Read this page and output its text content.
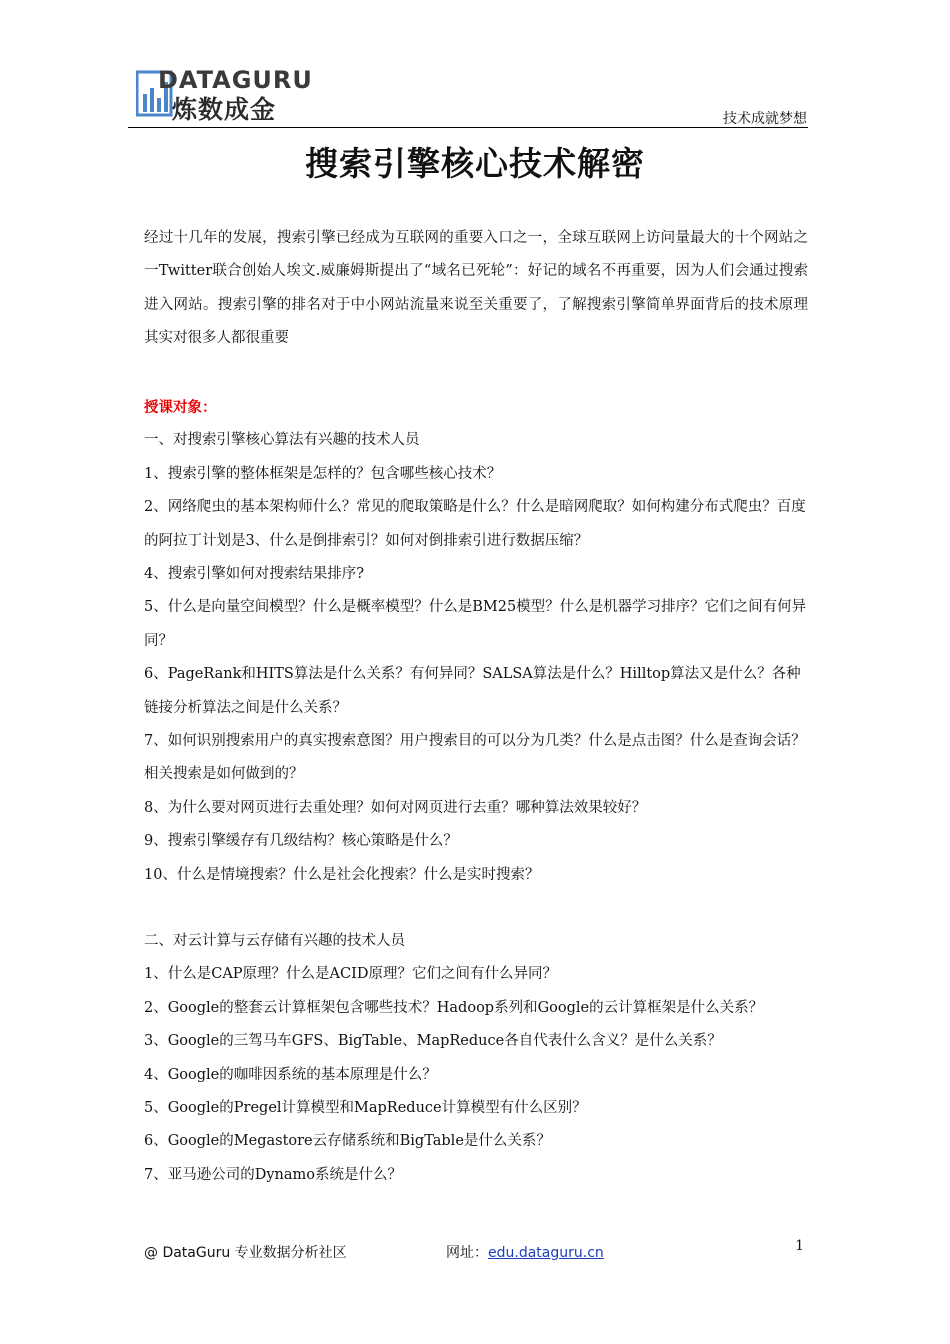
DATAGURU
炼数成金	技术成就梦想
搜索引擎核心技术解密
经过十几年的发展，搜索引擎已经成为互联网的重要入口之一，全球互联网上访问量最大的十个网站之一Twitter联合创始人埃文.威廉姆斯提出了“域名已死轮”：好记的域名不再重要，因为人们会通过搜索进入网站。搜索引擎的排名对于中小网站流量来说至关重要了，了解搜索引擎简单界面背后的技术原理其实对很多人都很重要

授课对象：

一、对搜索引擎核心算法有兴趣的技术人员

1、搜索引擎的整体框架是怎样的？包含哪些核心技术？

2、网络爬虫的基本架构师什么？常见的爬取策略是什么？什么是暗网爬取？如何构建分布式爬虫？百度的阿拉丁计划是3、什么是倒排索引？如何对倒排索引进行数据压缩？

4、搜索引擎如何对搜索结果排序?

5、什么是向量空间模型？什么是概率模型？什么是BM25模型？什么是机器学习排序？它们之间有何异同？

6、PageRank和HITS算法是什么关系？有何异同？SALSA算法是什么？Hilltop算法又是什么？各种链接分析算法之间是什么关系？

7、如何识别搜索用户的真实搜索意图？用户搜索目的可以分为几类？什么是点击图？什么是查询会话？相关搜索是如何做到的？

8、为什么要对网页进行去重处理？如何对网页进行去重？哪种算法效果较好？

9、搜索引擎缓存有几级结构？核心策略是什么？

10、什么是情境搜索？什么是社会化搜索？什么是实时搜索？

二、对云计算与云存储有兴趣的技术人员

1、什么是CAP原理？什么是ACID原理？它们之间有什么异同？

2、Google的整套云计算框架包含哪些技术？Hadoop系列和Google的云计算框架是什么关系？

3、Google的三驾马车GFS、BigTable、MapReduce各自代表什么含义？是什么关系？

4、Google的咖啡因系统的基本原理是什么？

5、Google的Pregel计算模型和MapReduce计算模型有什么区别？

6、Google的Megastore云存储系统和BigTable是什么关系？

7、亚马逊公司的Dynamo系统是什么？

@ DataGuru 专业数据分析社区	网址：edu.dataguru.cn	1
